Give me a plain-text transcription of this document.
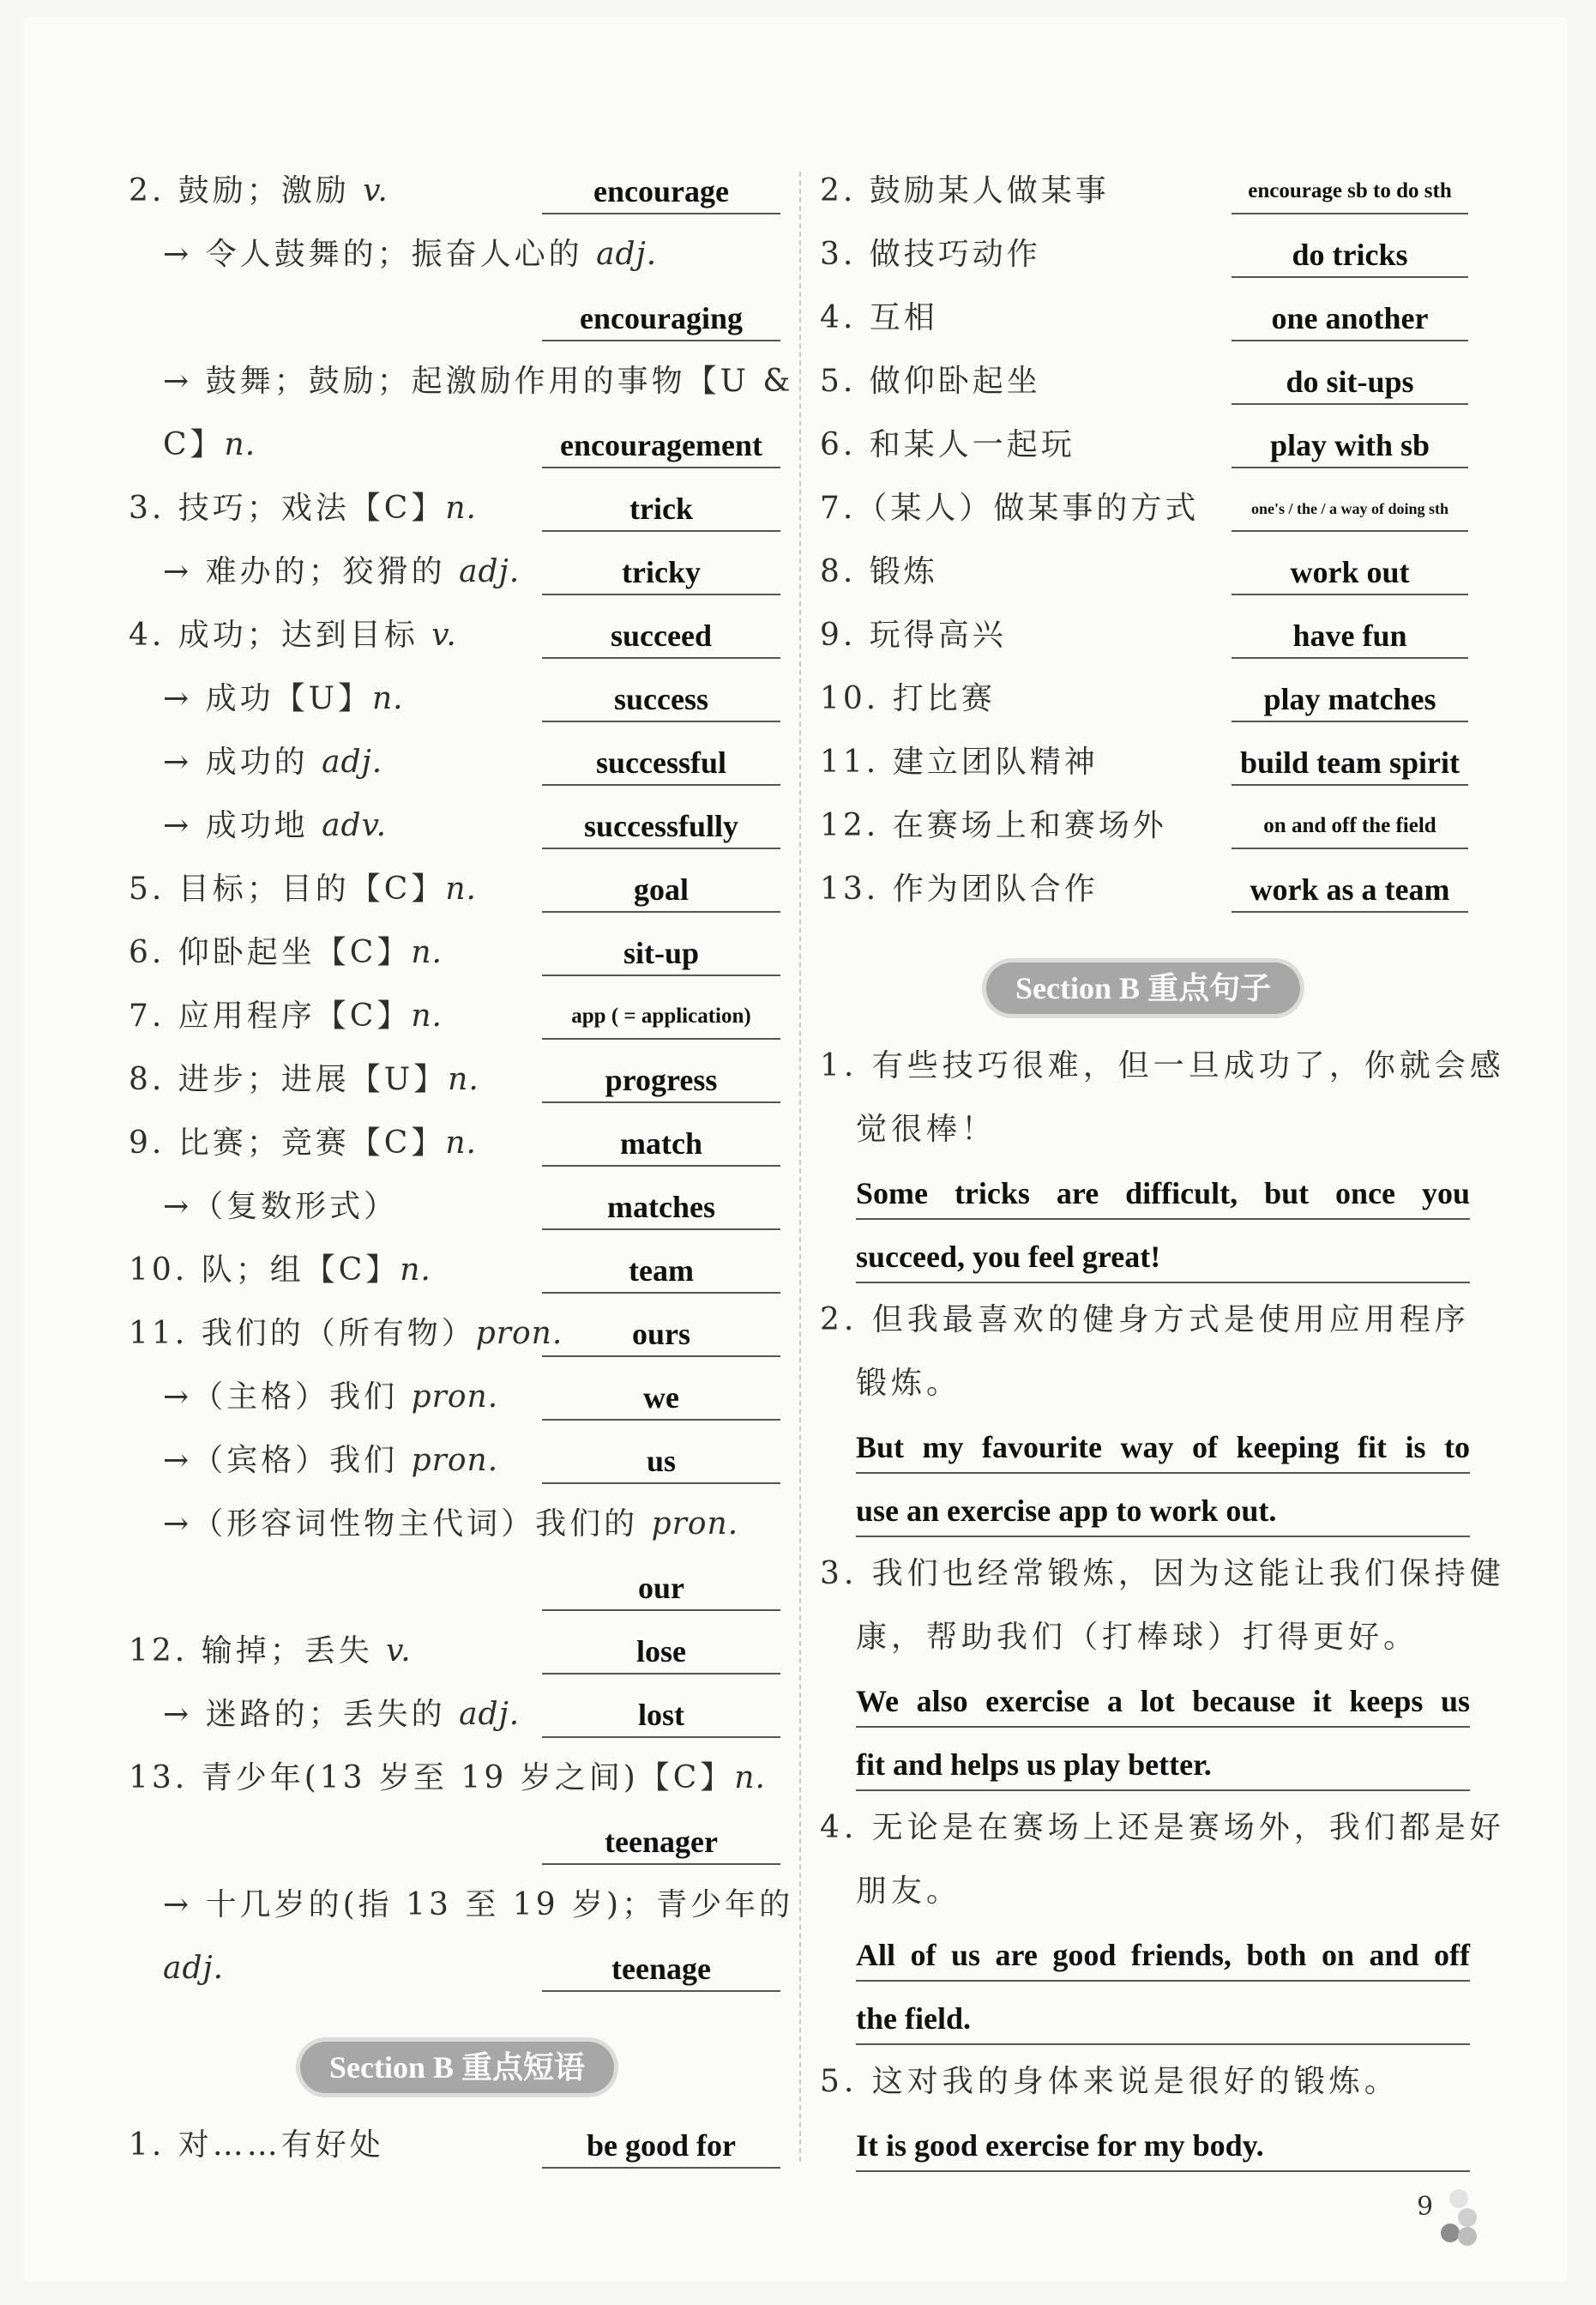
2. 鼓励；激励 v.	encourage
→ 令人鼓舞的；振奋人心的 adj.
encouraging
→ 鼓舞；鼓励；起激励作用的事物【U &
C】n.	encouragement
3. 技巧；戏法【C】n.	trick
→ 难办的；狡猾的 adj.	tricky
4. 成功；达到目标 v.	succeed
→ 成功【U】n.	success
→ 成功的 adj.	successful
→ 成功地 adv.	successfully
5. 目标；目的【C】n.	goal
6. 仰卧起坐【C】n.	sit-up
7. 应用程序【C】n.	app ( = application)
8. 进步；进展【U】n.	progress
9. 比赛；竞赛【C】n.	match
→（复数形式）	matches
10. 队；组【C】n.	team
11. 我们的（所有物）pron.	ours
→（主格）我们 pron.	we
→（宾格）我们 pron.	us
→（形容词性物主代词）我们的 pron.
our
12. 输掉；丢失 v.	lose
→ 迷路的；丢失的 adj.	lost
13. 青少年(13 岁至 19 岁之间)【C】n.
teenager
→ 十几岁的(指 13 至 19 岁)；青少年的
adj.	teenage
Section B 重点短语
1. 对……有好处	be good for
2. 鼓励某人做某事	encourage sb to do sth
3. 做技巧动作	do tricks
4. 互相	one another
5. 做仰卧起坐	do sit-ups
6. 和某人一起玩	play with sb
7.（某人）做某事的方式	one's / the / a way of doing sth
8. 锻炼	work out
9. 玩得高兴	have fun
10. 打比赛	play matches
11. 建立团队精神	build team spirit
12. 在赛场上和赛场外	on and off the field
13. 作为团队合作	work as a team
Section B 重点句子
1. 有些技巧很难，但一旦成功了，你就会感
觉很棒！
Some tricks are difficult, but once you
succeed, you feel great!
2. 但我最喜欢的健身方式是使用应用程序
锻炼。
But my favourite way of keeping fit is to
use an exercise app to work out.
3. 我们也经常锻炼，因为这能让我们保持健
康，帮助我们（打棒球）打得更好。
We also exercise a lot because it keeps us
fit and helps us play better.
4. 无论是在赛场上还是赛场外，我们都是好
朋友。
All of us are good friends, both on and off
the field.
5. 这对我的身体来说是很好的锻炼。
It is good exercise for my body.
9
